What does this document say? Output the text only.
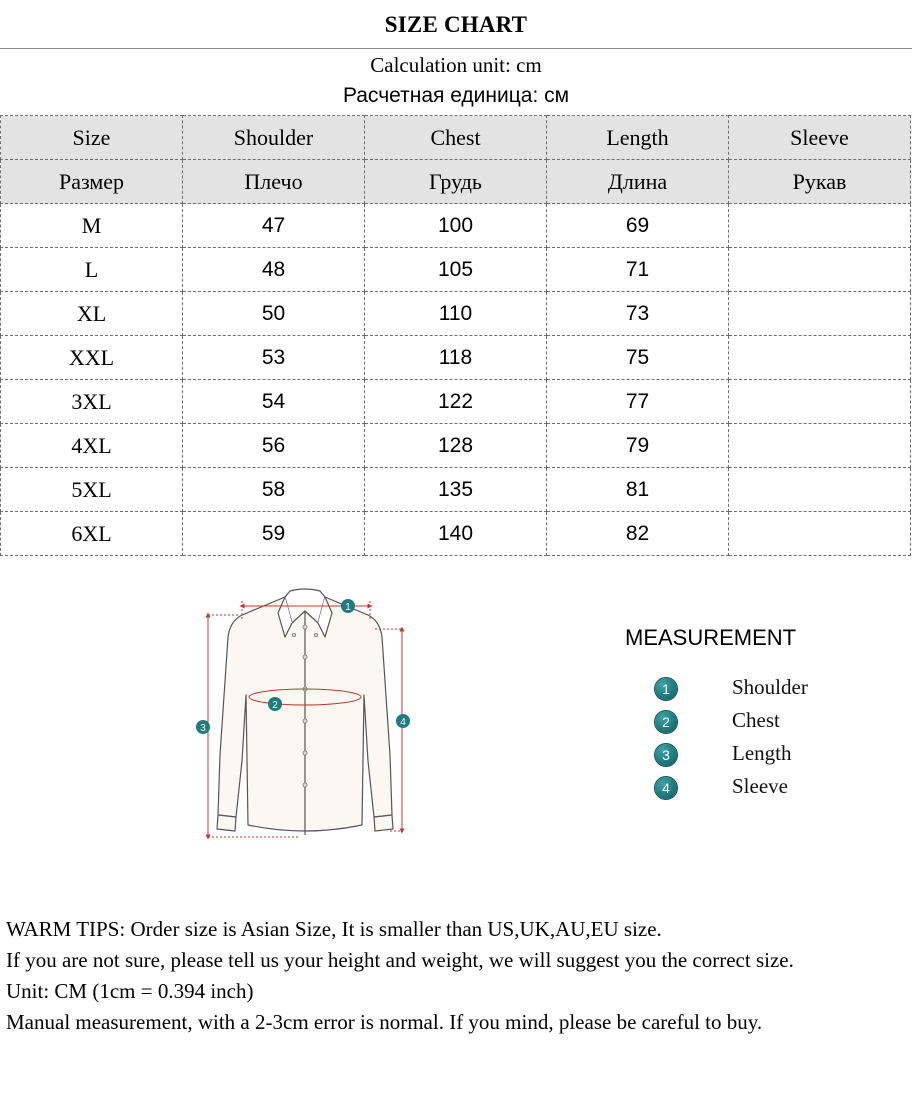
SIZE CHART
Calculation unit: cm
Расчетная единица: см
Size	Shoulder	Chest	Length	Sleeve
Размер	Плечо	Грудь	Длина	Рукав
M	47	100	69	
L	48	105	71	
XL	50	110	73	
XXL	53	118	75	
3XL	54	122	77	
4XL	56	128	79	
5XL	58	135	81	
6XL	59	140	82	
1
2
3
4
MEASUREMENT
1	Shoulder
2	Chest
3	Length
4	Sleeve
WARM TIPS: Order size is Asian Size, It is smaller than US,UK,AU,EU size.
If you are not sure, please tell us your height and weight, we will suggest you the correct size.
Unit: CM (1cm = 0.394 inch)
Manual measurement, with a 2-3cm error is normal. If you mind, please be careful to buy.
